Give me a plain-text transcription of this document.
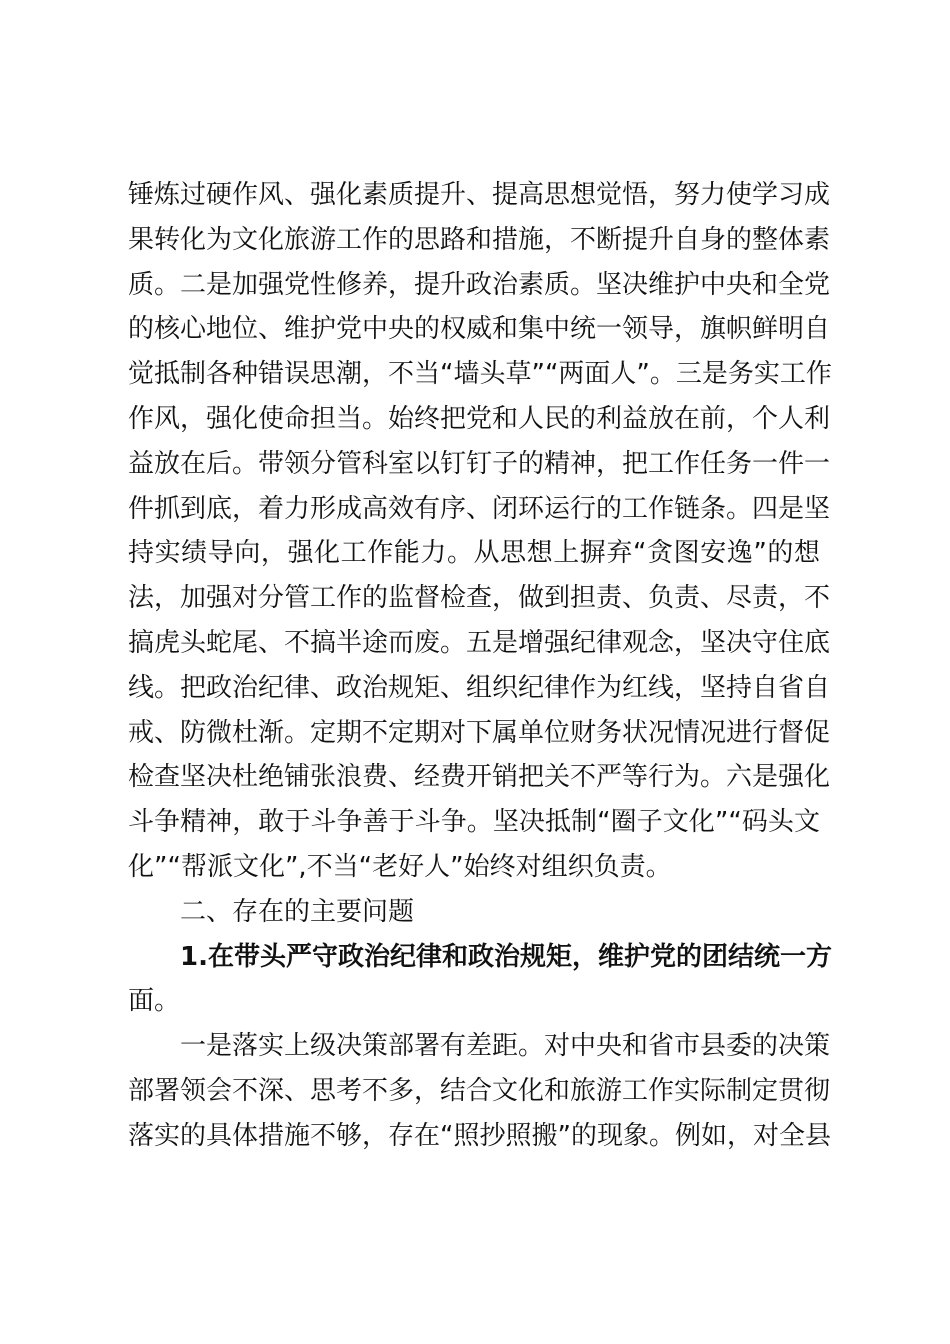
锤炼过硬作风、强化素质提升、提高思想觉悟，努力使学习成
果转化为文化旅游工作的思路和措施，不断提升自身的整体素
质。二是加强党性修养，提升政治素质。坚决维护中央和全党
的核心地位、维护党中央的权威和集中统一领导，旗帜鲜明自
觉抵制各种错误思潮，不当“墙头草”“两面人”。三是务实工作
作风，强化使命担当。始终把党和人民的利益放在前，个人利
益放在后。带领分管科室以钉钉子的精神，把工作任务一件一
件抓到底，着力形成高效有序、闭环运行的工作链条。四是坚
持实绩导向，强化工作能力。从思想上摒弃“贪图安逸”的想
法，加强对分管工作的监督检查，做到担责、负责、尽责，不
搞虎头蛇尾、不搞半途而废。五是增强纪律观念，坚决守住底
线。把政治纪律、政治规矩、组织纪律作为红线，坚持自省自
戒、防微杜渐。定期不定期对下属单位财务状况情况进行督促
检查坚决杜绝铺张浪费、经费开销把关不严等行为。六是强化
斗争精神，敢于斗争善于斗争。坚决抵制“圈子文化”“码头文
化”“帮派文化”,不当“老好人”始终对组织负责。
二、存在的主要问题
1.在带头严守政治纪律和政治规矩，维护党的团结统一方
面。
一是落实上级决策部署有差距。对中央和省市县委的决策
部署领会不深、思考不多，结合文化和旅游工作实际制定贯彻
落实的具体措施不够，存在“照抄照搬”的现象。例如，对全县
